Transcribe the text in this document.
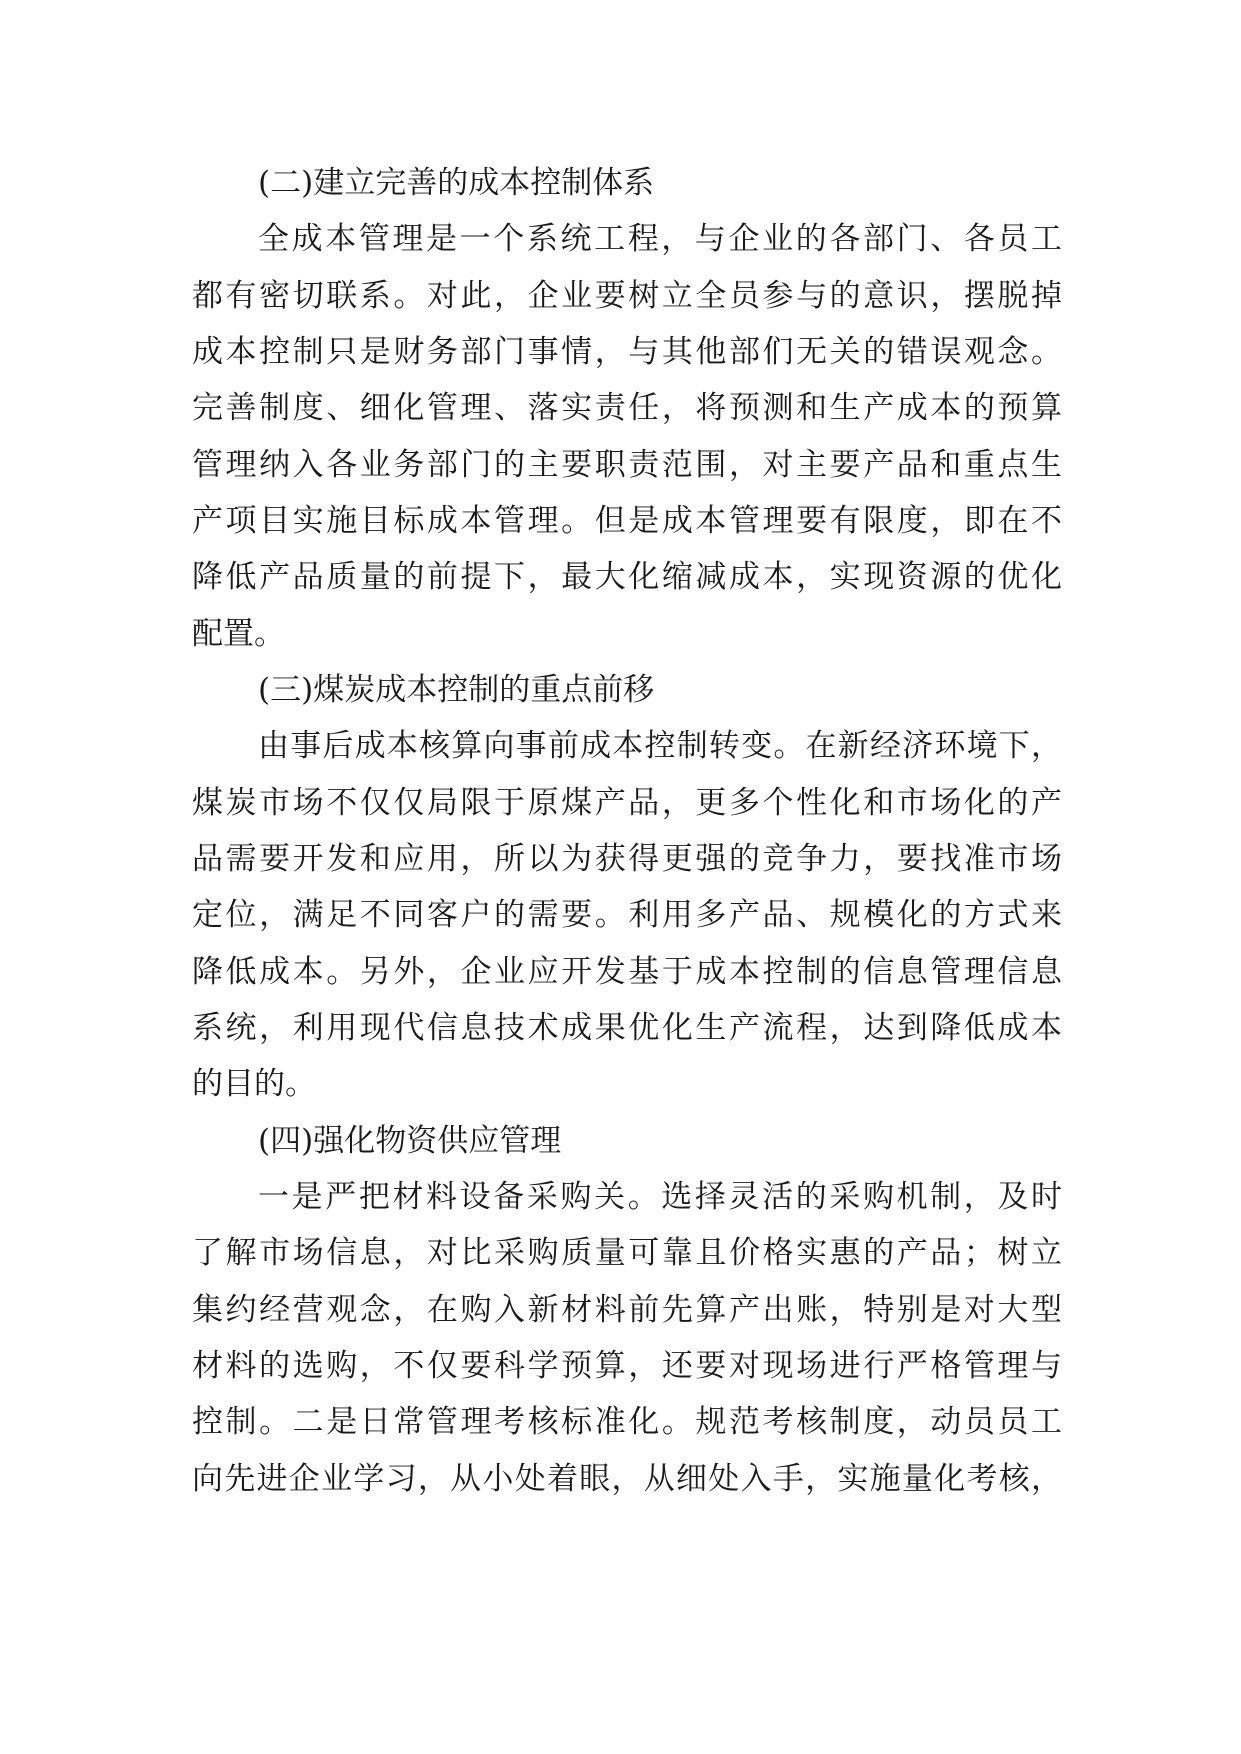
(二)建立完善的成本控制体系
全成本管理是一个系统工程，与企业的各部门、各员工
都有密切联系。对此，企业要树立全员参与的意识，摆脱掉
成本控制只是财务部门事情，与其他部们无关的错误观念。
完善制度、细化管理、落实责任，将预测和生产成本的预算
管理纳入各业务部门的主要职责范围，对主要产品和重点生
产项目实施目标成本管理。但是成本管理要有限度，即在不
降低产品质量的前提下，最大化缩减成本，实现资源的优化
配置。
(三)煤炭成本控制的重点前移
由事后成本核算向事前成本控制转变。在新经济环境下，
煤炭市场不仅仅局限于原煤产品，更多个性化和市场化的产
品需要开发和应用，所以为获得更强的竞争力，要找准市场
定位，满足不同客户的需要。利用多产品、规模化的方式来
降低成本。另外，企业应开发基于成本控制的信息管理信息
系统，利用现代信息技术成果优化生产流程，达到降低成本
的目的。
(四)强化物资供应管理
一是严把材料设备采购关。选择灵活的采购机制，及时
了解市场信息，对比采购质量可靠且价格实惠的产品；树立
集约经营观念，在购入新材料前先算产出账，特别是对大型
材料的选购，不仅要科学预算，还要对现场进行严格管理与
控制。二是日常管理考核标准化。规范考核制度，动员员工
向先进企业学习，从小处着眼，从细处入手，实施量化考核，
